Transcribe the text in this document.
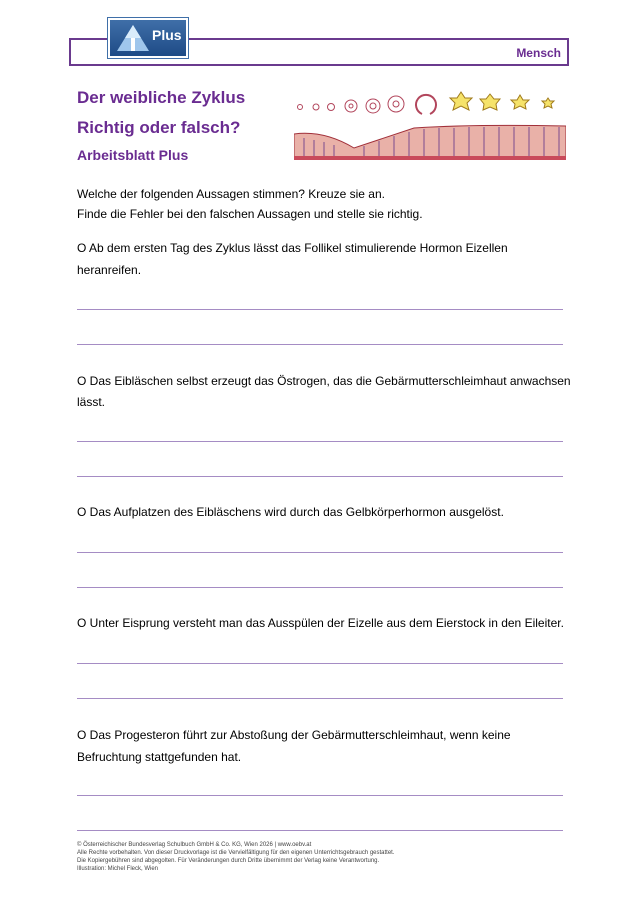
Mensch
Plus
Der weibliche Zyklus
Richtig oder falsch?
Arbeitsblatt Plus
Welche der folgenden Aussagen stimmen? Kreuze sie an.
Finde die Fehler bei den falschen Aussagen und stelle sie richtig.
O Ab dem ersten Tag des Zyklus lässt das Follikel stimulierende Hormon Eizellen
heranreifen.
O Das Eibläschen selbst erzeugt das Östrogen, das die Gebärmutterschleimhaut anwachsen
lässt.
O Das Aufplatzen des Eibläschens wird durch das Gelbkörperhormon ausgelöst.
O Unter Eisprung versteht man das Ausspülen der Eizelle aus dem Eierstock in den Eileiter.
O Das Progesteron führt zur Abstoßung der Gebärmutterschleimhaut, wenn keine
Befruchtung stattgefunden hat.
© Österreichischer Bundesverlag Schulbuch GmbH & Co. KG, Wien 2026 | www.oebv.at
Alle Rechte vorbehalten. Von dieser Druckvorlage ist die Vervielfältigung für den eigenen Unterrichtsgebrauch gestattet.
Die Kopiergebühren sind abgegolten. Für Veränderungen durch Dritte übernimmt der Verlag keine Verantwortung.
Illustration: Michel Fleck, Wien
